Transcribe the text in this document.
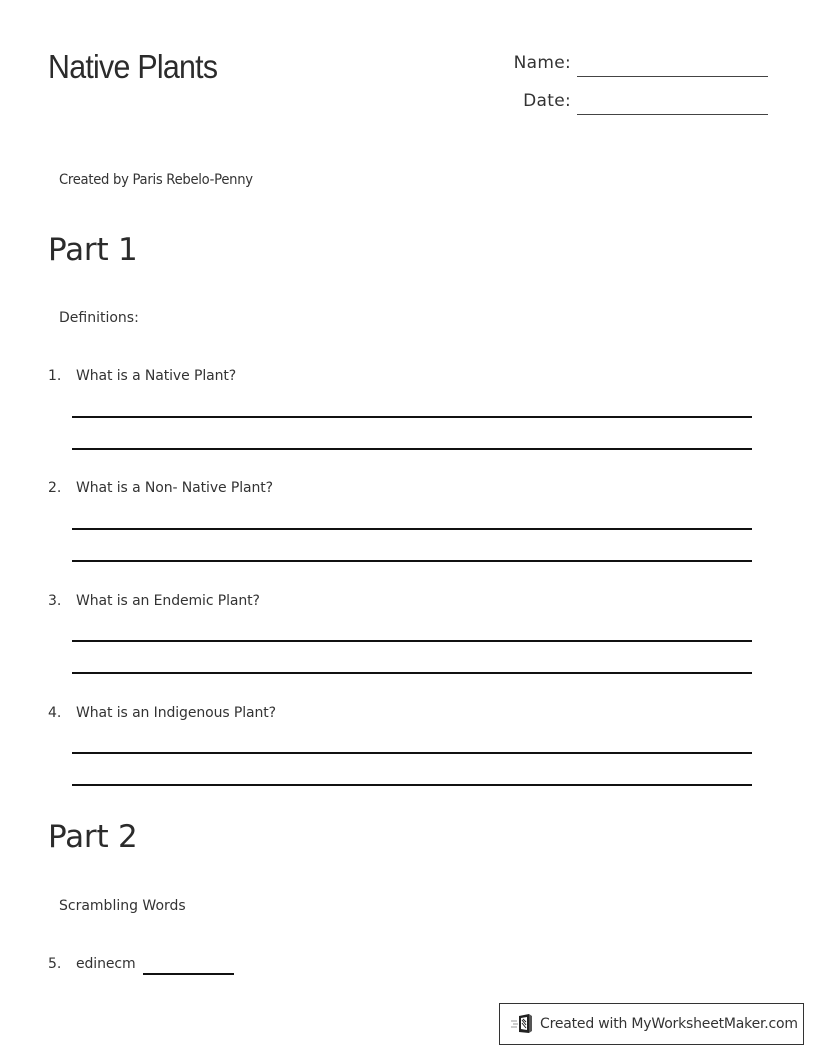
Native Plants	Name:
Date:
Created by Paris Rebelo-Penny
Part 1
Definitions:
1. What is a Native Plant?
2. What is a Non- Native Plant?
3. What is an Endemic Plant?
4. What is an Indigenous Plant?
Part 2
Scrambling Words
5. edinecm
Created with MyWorksheetMaker.com
